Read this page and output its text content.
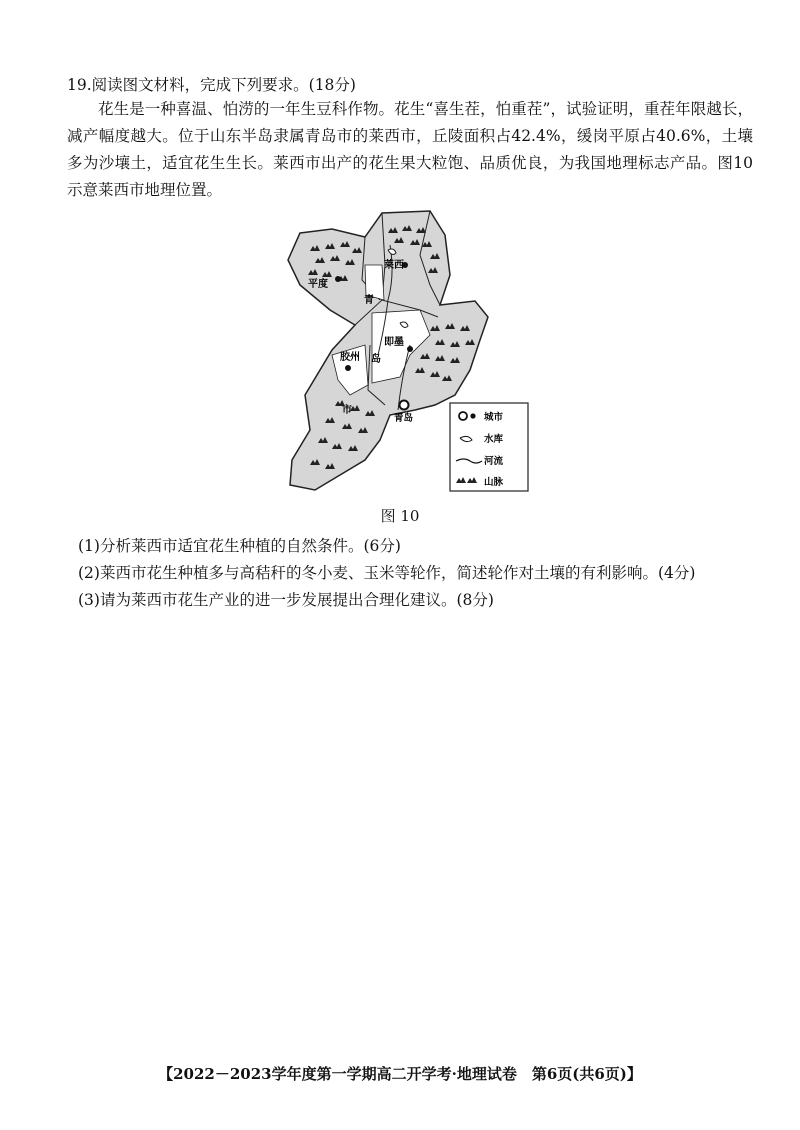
19.阅读图文材料，完成下列要求。(18分)
花生是一种喜温、怕涝的一年生豆科作物。花生“喜生茬，怕重茬”，试验证明，重茬年限越长，减产幅度越大。位于山东半岛隶属青岛市的莱西市，丘陵面积占42.4%，缓岗平原占40.6%，土壤多为沙壤土，适宜花生生长。莱西市出产的花生果大粒饱、品质优良，为我国地理标志产品。图10示意莱西市地理位置。
平度
莱西
青
即墨
岛
胶州
市
青岛	城市
水库
河流
山脉
图 10
(1)分析莱西市适宜花生种植的自然条件。(6分)
(2)莱西市花生种植多与高秸秆的冬小麦、玉米等轮作，简述轮作对土壤的有利影响。(4分)
(3)请为莱西市花生产业的进一步发展提出合理化建议。(8分)
【2022－2023学年度第一学期高二开学考·地理试卷　第6页(共6页)】
